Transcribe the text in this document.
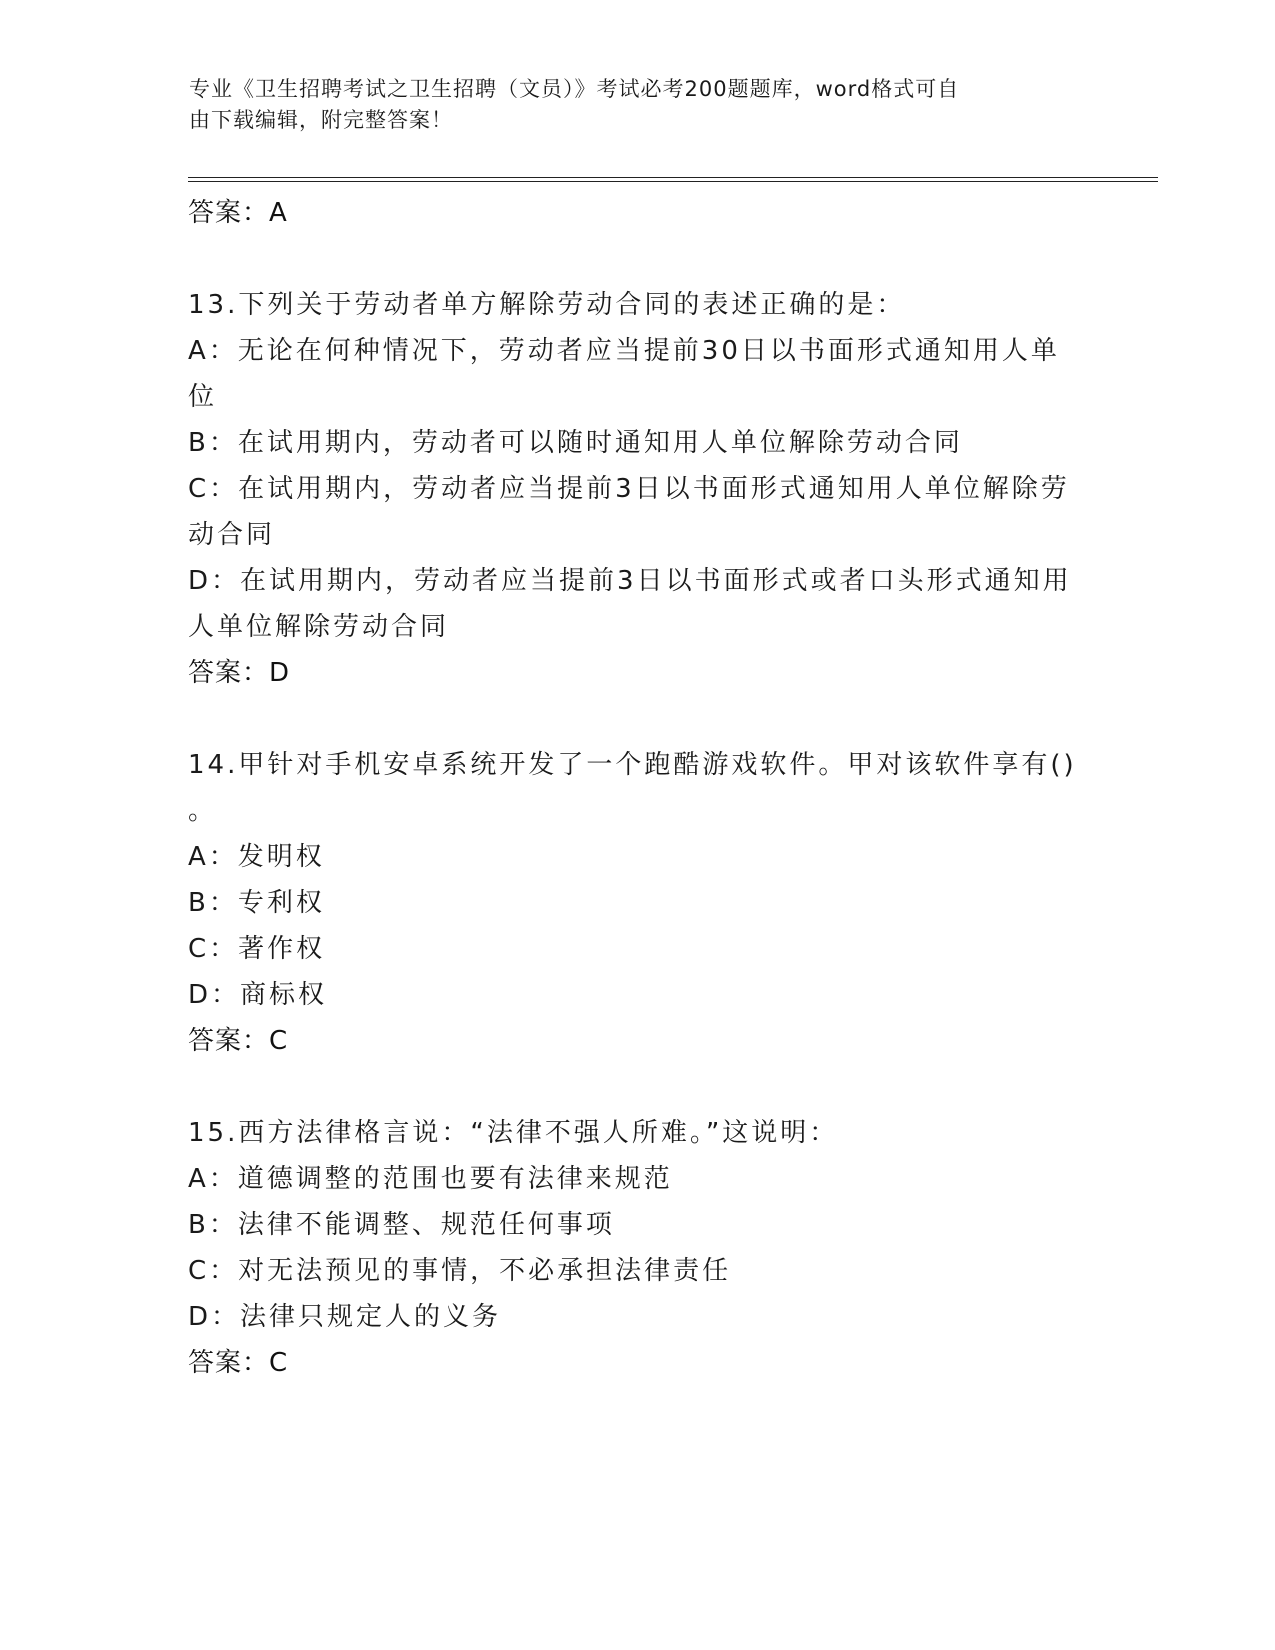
专业《卫生招聘考试之卫生招聘（文员）》考试必考200题题库，word格式可自
由下载编辑，附完整答案！
答案：A
13.下列关于劳动者单方解除劳动合同的表述正确的是：
A：无论在何种情况下，劳动者应当提前30日以书面形式通知用人单
位
B：在试用期内，劳动者可以随时通知用人单位解除劳动合同
C：在试用期内，劳动者应当提前3日以书面形式通知用人单位解除劳
动合同
D：在试用期内，劳动者应当提前3日以书面形式或者口头形式通知用
人单位解除劳动合同
答案：D
14.甲针对手机安卓系统开发了一个跑酷游戏软件。甲对该软件享有()
。
A：发明权
B：专利权
C：著作权
D：商标权
答案：C
15.西方法律格言说：“法律不强人所难。”这说明：
A：道德调整的范围也要有法律来规范
B：法律不能调整、规范任何事项
C：对无法预见的事情，不必承担法律责任
D：法律只规定人的义务
答案：C
